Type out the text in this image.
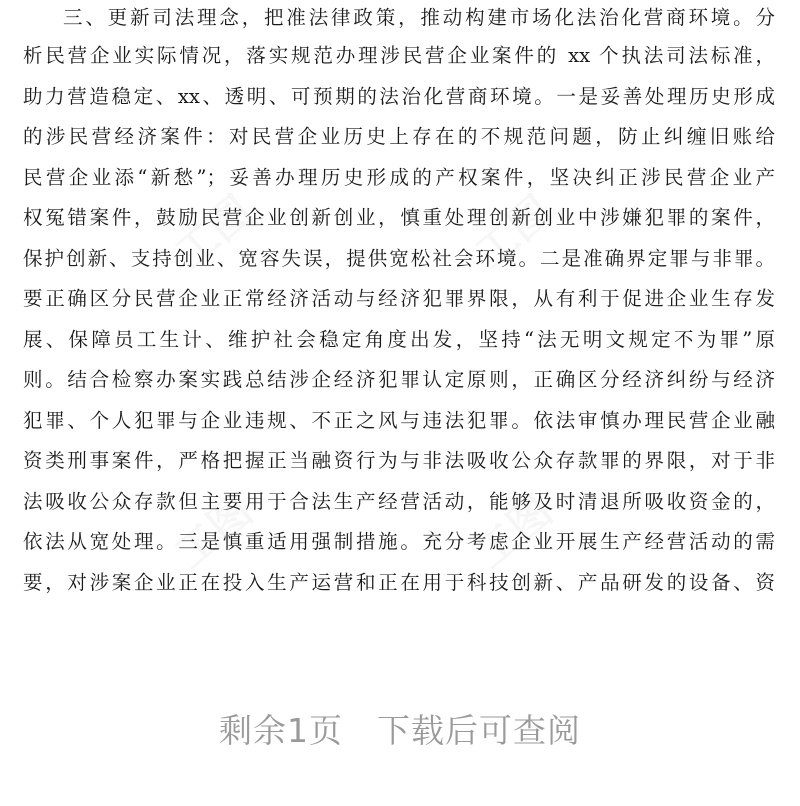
三、更新司法理念，把准法律政策，推动构建市场化法治化营商环境。分
析民营企业实际情况，落实规范办理涉民营企业案件的 xx 个执法司法标准，
助力营造稳定、xx、透明、可预期的法治化营商环境。一是妥善处理历史形成
的涉民营经济案件：对民营企业历史上存在的不规范问题，防止纠缠旧账给
民营企业添“新愁”；妥善办理历史形成的产权案件，坚决纠正涉民营企业产
权冤错案件，鼓励民营企业创新创业，慎重处理创新创业中涉嫌犯罪的案件，
保护创新、支持创业、宽容失误，提供宽松社会环境。二是准确界定罪与非罪。
要正确区分民营企业正常经济活动与经济犯罪界限，从有利于促进企业生存发
展、保障员工生计、维护社会稳定角度出发，坚持“法无明文规定不为罪”原
则。结合检察办案实践总结涉企经济犯罪认定原则，正确区分经济纠纷与经济
犯罪、个人犯罪与企业违规、不正之风与违法犯罪。依法审慎办理民营企业融
资类刑事案件，严格把握正当融资行为与非法吸收公众存款罪的界限，对于非
法吸收公众存款但主要用于合法生产经营活动，能够及时清退所吸收资金的，
依法从宽处理。三是慎重适用强制措施。充分考虑企业开展生产经营活动的需
要，对涉案企业正在投入生产运营和正在用于科技创新、产品研发的设备、资
剩余1页　下载后可查阅
